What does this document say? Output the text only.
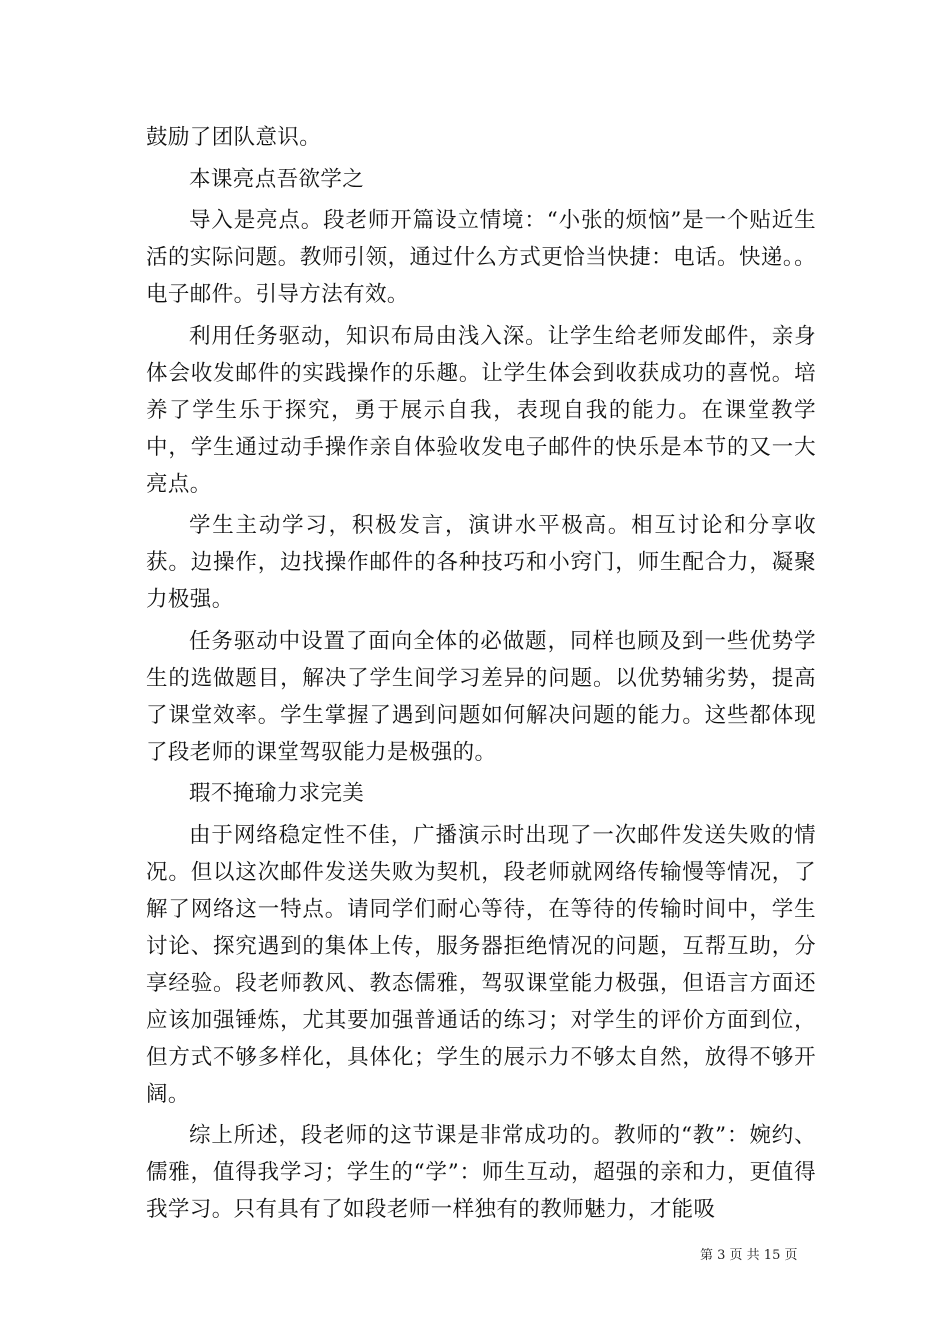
鼓励了团队意识。

本课亮点吾欲学之

导入是亮点。段老师开篇设立情境：“小张的烦恼”是一个贴近生活的实际问题。教师引领，通过什么方式更恰当快捷：电话。快递。。电子邮件。引导方法有效。

利用任务驱动，知识布局由浅入深。让学生给老师发邮件，亲身体会收发邮件的实践操作的乐趣。让学生体会到收获成功的喜悦。培养了学生乐于探究，勇于展示自我，表现自我的能力。在课堂教学中，学生通过动手操作亲自体验收发电子邮件的快乐是本节的又一大亮点。

学生主动学习，积极发言，演讲水平极高。相互讨论和分享收获。边操作，边找操作邮件的各种技巧和小窍门，师生配合力，凝聚力极强。

任务驱动中设置了面向全体的必做题，同样也顾及到一些优势学生的选做题目，解决了学生间学习差异的问题。以优势辅劣势，提高了课堂效率。学生掌握了遇到问题如何解决问题的能力。这些都体现了段老师的课堂驾驭能力是极强的。

瑕不掩瑜力求完美

由于网络稳定性不佳，广播演示时出现了一次邮件发送失败的情况。但以这次邮件发送失败为契机，段老师就网络传输慢等情况，了解了网络这一特点。请同学们耐心等待，在等待的传输时间中，学生讨论、探究遇到的集体上传，服务器拒绝情况的问题，互帮互助，分享经验。段老师教风、教态儒雅，驾驭课堂能力极强，但语言方面还应该加强锤炼，尤其要加强普通话的练习；对学生的评价方面到位，但方式不够多样化，具体化；学生的展示力不够太自然，放得不够开阔。

综上所述，段老师的这节课是非常成功的。教师的“教”：婉约、儒雅，值得我学习；学生的“学”：师生互动，超强的亲和力，更值得我学习。只有具有了如段老师一样独有的教师魅力，才能吸

第 3 页 共 15 页
